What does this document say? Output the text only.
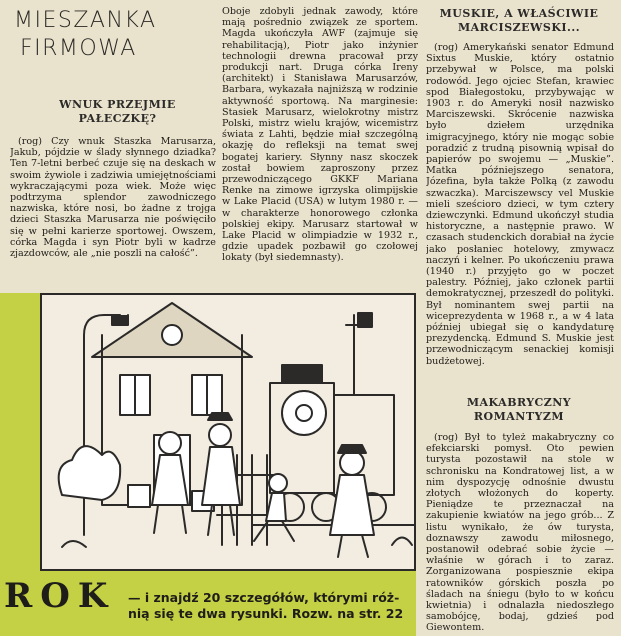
MIESZANKA
FIRMOWA
WNUK PRZEJMIE
PAŁECZKĘ?

(rog) Czy wnuk Staszka Marusarza, Jakub, pójdzie w ślady słynnego dziadka? Ten 7-letni berbeć czuje się na deskach w swoim żywiole i zadziwia umiejętnościami wykraczającymi poza wiek. Może więc podtrzyma splendor zawodniczego nazwiska, które nosi, bo żadne z trojga dzieci Staszka Marusarza nie poświęciło się w pełni karierze sportowej. Owszem, córka Magda i syn Piotr byli w kadrze zjazdowców, ale „nie poszli na całość”.

Oboje zdobyli jednak zawody, które mają pośrednio związek ze sportem. Magda ukończyła AWF (zajmuje się rehabilitacją), Piotr jako inżynier technologii drewna pracował przy produkcji nart. Druga córka Ireny (architekt) i Stanisława Marusarzów, Barbara, wykazała najniższą w rodzinie aktywność sportową. Na marginesie: Stasiek Marusarz, wielokrotny mistrz Polski, mistrz wielu krajów, wicemistrz świata z Lahti, będzie miał szczególną okazję do refleksji na temat swej bogatej kariery. Słynny nasz skoczek został bowiem zaproszony przez przewodniczącego GKKF Mariana Renke na zimowe igrzyska olimpijskie w Lake Placid (USA) w lutym 1980 r. — w charakterze honorowego członka polskiej ekipy. Marusarz startował w Lake Placid w olimpiadzie w 1932 r., gdzie upadek pozbawił go czołowej lokaty (był siedemnasty).

MUSKIE, A WŁAŚCIWIE
MARCISZEWSKI...

(rog) Amerykański senator Edmund Sixtus Muskie, który ostatnio przebywał w Polsce, ma polski rodowód. Jego ojciec Stefan, krawiec spod Białegostoku, przybywając w 1903 r. do Ameryki nosił nazwisko Marciszewski. Skrócenie nazwiska było dziełem urzędnika imigracyjnego, który nie mogąc sobie poradzić z trudną pisownią wpisał do papierów po swojemu — „Muskie”. Matka późniejszego senatora, Józefina, była także Polką (z zawodu szwaczka). Marciszewscy vel Muskie mieli sześcioro dzieci, w tym cztery dziewczynki. Edmund ukończył studia historyczne, a następnie prawo. W czasach studenckich dorabiał na życie jako posłaniec hotelowy, zmywacz naczyń i kelner. Po ukończeniu prawa (1940 r.) przyjęto go w poczet palestry. Później, jako członek partii demokratycznej, przeszedł do polityki. Był nominantem swej partii na wiceprezydenta w 1968 r., a w 4 lata później ubiegał się o kandydaturę prezydencką. Edmund S. Muskie jest przewodniczącym senackiej komisji budżetowej.

MAKABRYCZNY
ROMANTYZM

(rog) Był to tyleż makabryczny co efekciarski pomysł. Oto pewien turysta pozostawił na stole w schronisku na Kondratowej list, a w nim dyspozycję odnośnie dwustu złotych włożonych do koperty. Pieniądze te przeznaczał na zakupienie kwiatów na jego grób... Z listu wynikało, że ów turysta, doznawszy zawodu miłosnego, postanowił odebrać sobie życie — właśnie w górach i to zaraz. Zorganizowana pospiesznie ekipa ratowników górskich poszła po śladach na śniegu (było to w końcu kwietnia) i odnalazła niedoszłego samobójcę, bodaj, gdzieś pod Giewontem.

ROK — i znajdź 20 szczegółów, którymi róż-
nią się te dwa rysunki. Rozw. na str. 22
